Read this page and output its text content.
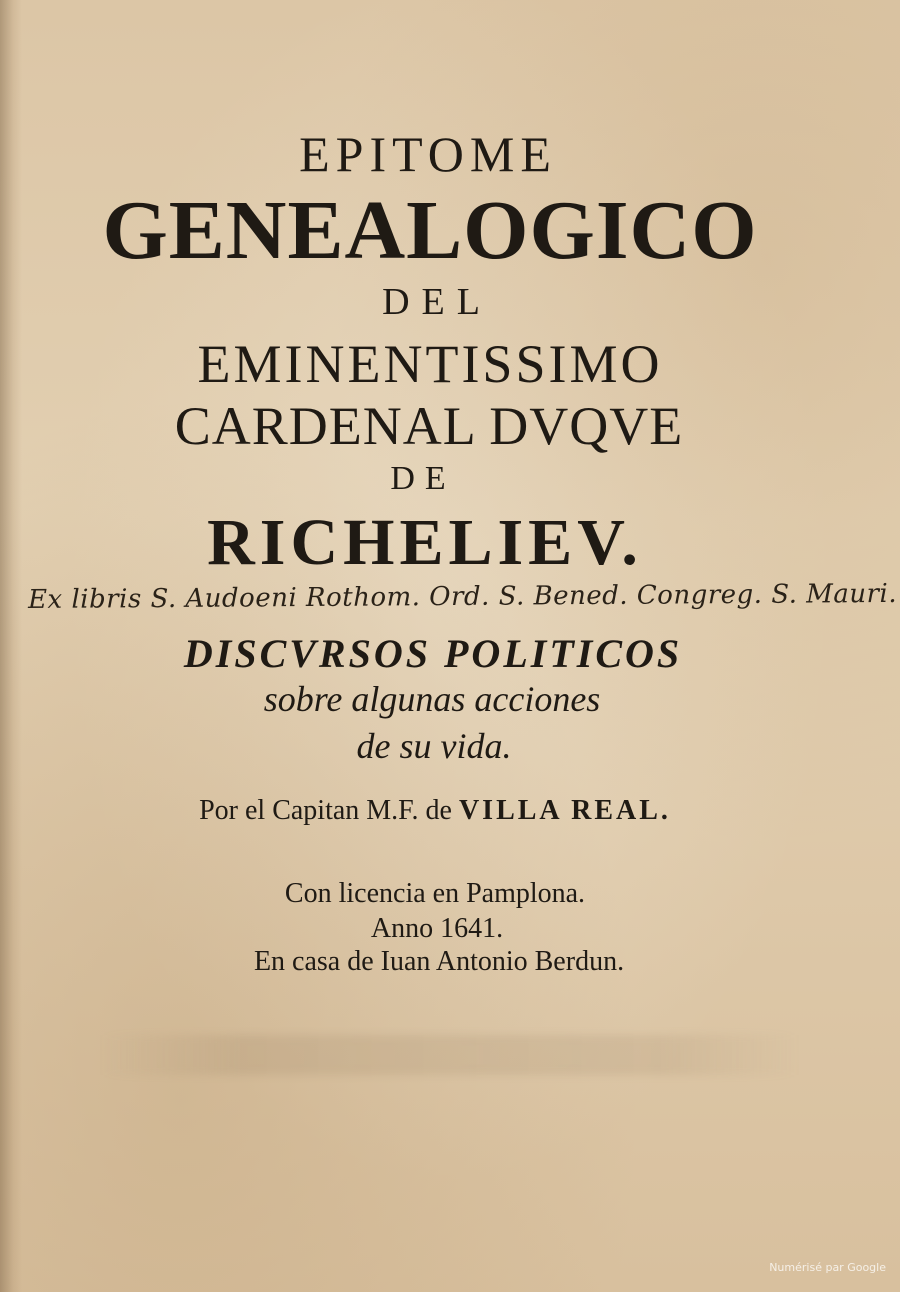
EPITOME
GENEALOGICO
DEL
EMINENTISSIMO
CARDENAL DVQVE
DE
RICHELIEV.
Ex libris S. Audoeni Rothom. Ord. S. Bened. Congreg. S. Mauri.
DISCVRSOS POLITICOS
sobre algunas acciones
de su vida.
Por el Capitan M.F. de VILLA REAL.
Con licencia en Pamplona.
Anno 1641.
En casa de Iuan Antonio Berdun.
Numérisé par Google
